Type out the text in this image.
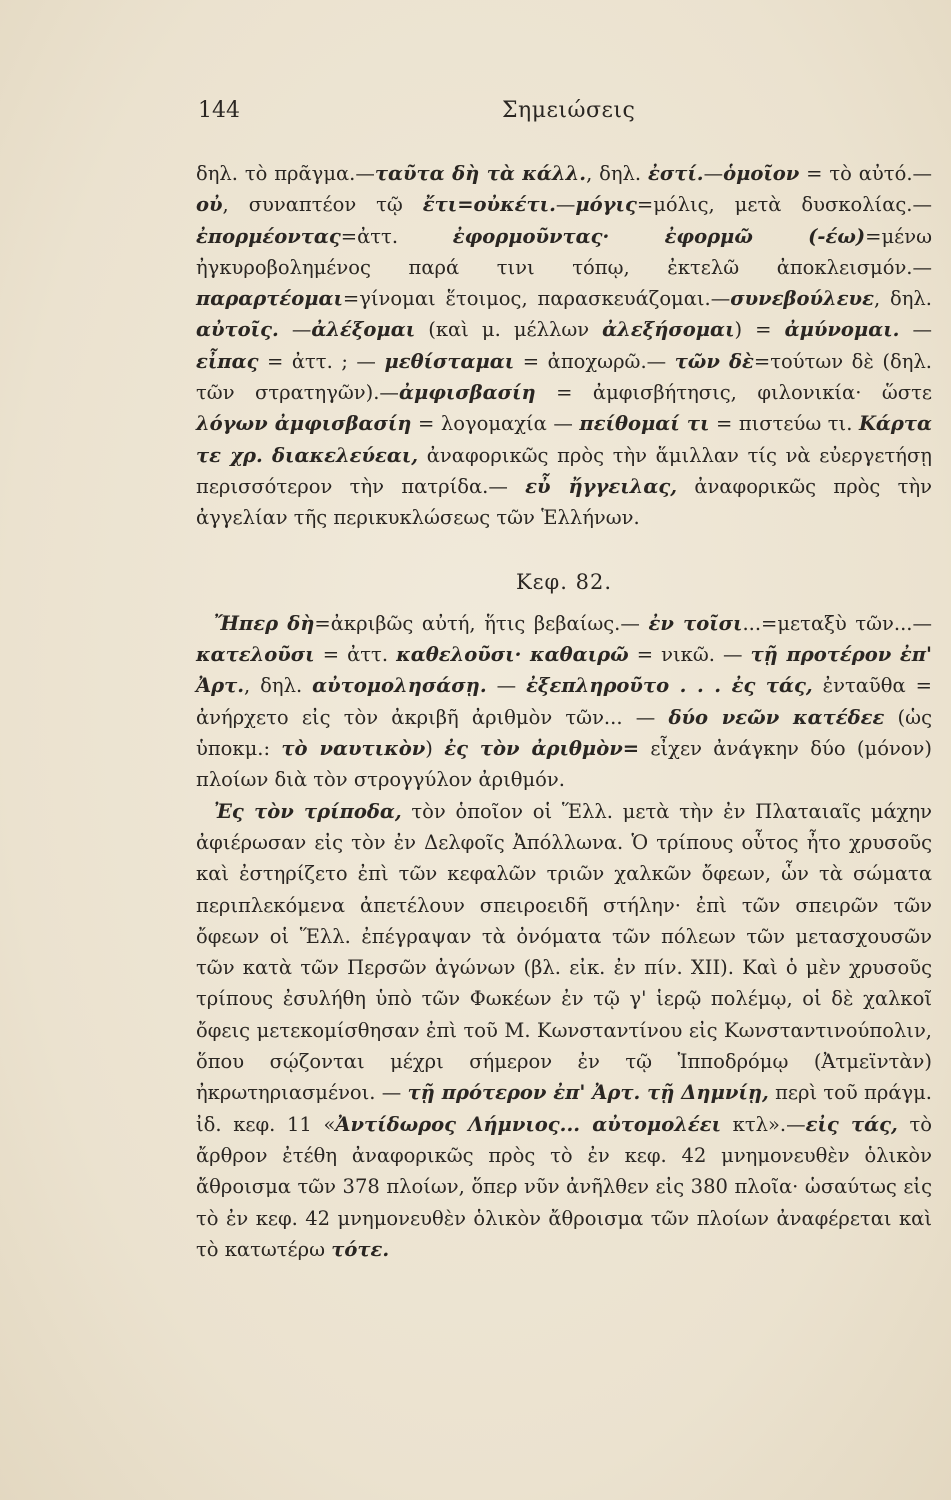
144	Σημειώσεις

δηλ. τὸ πρᾶγμα.—ταῦτα δὴ τὰ κάλλ., δηλ. ἐστί.—ὁμοῖον = τὸ αὐτό.—οὐ, συναπτέον τῷ ἔτι=οὐκέτι.—μόγις=μόλις, μετὰ δυσκολίας.—ἐπορμέοντας=ἀττ. ἐφορμοῦντας· ἐφορμῶ (-έω)=μένω ἠγκυροβολημένος παρά τινι τόπῳ, ἐκτελῶ ἀποκλεισμόν.—παραρτέομαι=γίνομαι ἕτοιμος, παρασκευάζομαι.—συνεβούλευε, δηλ. αὐτοῖς. —ἀλέξομαι (καὶ μ. μέλλων ἀλεξήσομαι) = ἀμύνομαι. — εἶπας = ἀττ. ; — μεθίσταμαι = ἀποχωρῶ.— τῶν δὲ=τούτων δὲ (δηλ. τῶν στρατηγῶν).—ἀμφισβασίη = ἀμφισβήτησις, φιλονικία· ὥστε λόγων ἀμφισβασίη = λογομαχία — πείθομαί τι = πιστεύω τι. Κάρτα τε χρ. διακελεύεαι, ἀναφορικῶς πρὸς τὴν ἅμιλλαν τίς νὰ εὐεργετήσῃ περισσότερον τὴν πατρίδα.— εὖ ἤγγειλας, ἀναφορικῶς πρὸς τὴν ἀγγελίαν τῆς περικυκλώσεως τῶν Ἑλλήνων.

Κεφ. 82.

Ἤπερ δὴ=ἀκριβῶς αὐτή, ἥτις βεβαίως.— ἐν τοῖσι...=μεταξὺ τῶν...—κατελοῦσι = ἀττ. καθελοῦσι· καθαιρῶ = νικῶ. — τῇ προτέρον ἐπ' Ἀρτ., δηλ. αὐτομολησάσῃ. — ἐξεπληροῦτο . . . ἐς τάς, ἐνταῦθα = ἀνήρχετο εἰς τὸν ἀκριβῆ ἀριθμὸν τῶν... — δύο νεῶν κατέδεε (ὡς ὑποκμ.: τὸ ναυτικὸν) ἐς τὸν ἀριθμὸν= εἶχεν ἀνάγκην δύο (μόνον) πλοίων διὰ τὸν στρογγύλον ἀριθμόν.

Ἐς τὸν τρίποδα, τὸν ὁποῖον οἱ Ἕλλ. μετὰ τὴν ἐν Πλαταιαῖς μάχην ἀφιέρωσαν εἰς τὸν ἐν Δελφοῖς Ἀπόλλωνα. Ὁ τρίπους οὗτος ἦτο χρυσοῦς καὶ ἐστηρίζετο ἐπὶ τῶν κεφαλῶν τριῶν χαλκῶν ὄφεων, ὧν τὰ σώματα περιπλεκόμενα ἀπετέλουν σπειροειδῆ στήλην· ἐπὶ τῶν σπειρῶν τῶν ὄφεων οἱ Ἕλλ. ἐπέγραψαν τὰ ὀνόματα τῶν πόλεων τῶν μετασχουσῶν τῶν κατὰ τῶν Περσῶν ἀγώνων (βλ. εἰκ. ἐν πίν. XII). Καὶ ὁ μὲν χρυσοῦς τρίπους ἐσυλήθη ὑπὸ τῶν Φωκέων ἐν τῷ γ' ἱερῷ πολέμῳ, οἱ δὲ χαλκοῖ ὄφεις μετεκομίσθησαν ἐπὶ τοῦ Μ. Κωνσταντίνου εἰς Κωνσταντινούπολιν, ὅπου σῴζονται μέχρι σήμερον ἐν τῷ Ἱπποδρόμῳ (Ἀτμεϊντὰν) ἠκρωτηριασμένοι. — τῇ πρότερον ἐπ' Ἀρτ. τῇ Δημνίῃ, περὶ τοῦ πράγμ. ἰδ. κεφ. 11 «Ἀντίδωρος Λήμνιος... αὐτομολέει κτλ».—εἰς τάς, τὸ ἄρθρον ἐτέθη ἀναφορικῶς πρὸς τὸ ἐν κεφ. 42 μνημονευθὲν ὁλικὸν ἄθροισμα τῶν 378 πλοίων, ὅπερ νῦν ἀνῆλθεν εἰς 380 πλοῖα· ὡσαύτως εἰς τὸ ἐν κεφ. 42 μνημονευθὲν ὁλικὸν ἄθροισμα τῶν πλοίων ἀναφέρεται καὶ τὸ κατωτέρω τότε.
